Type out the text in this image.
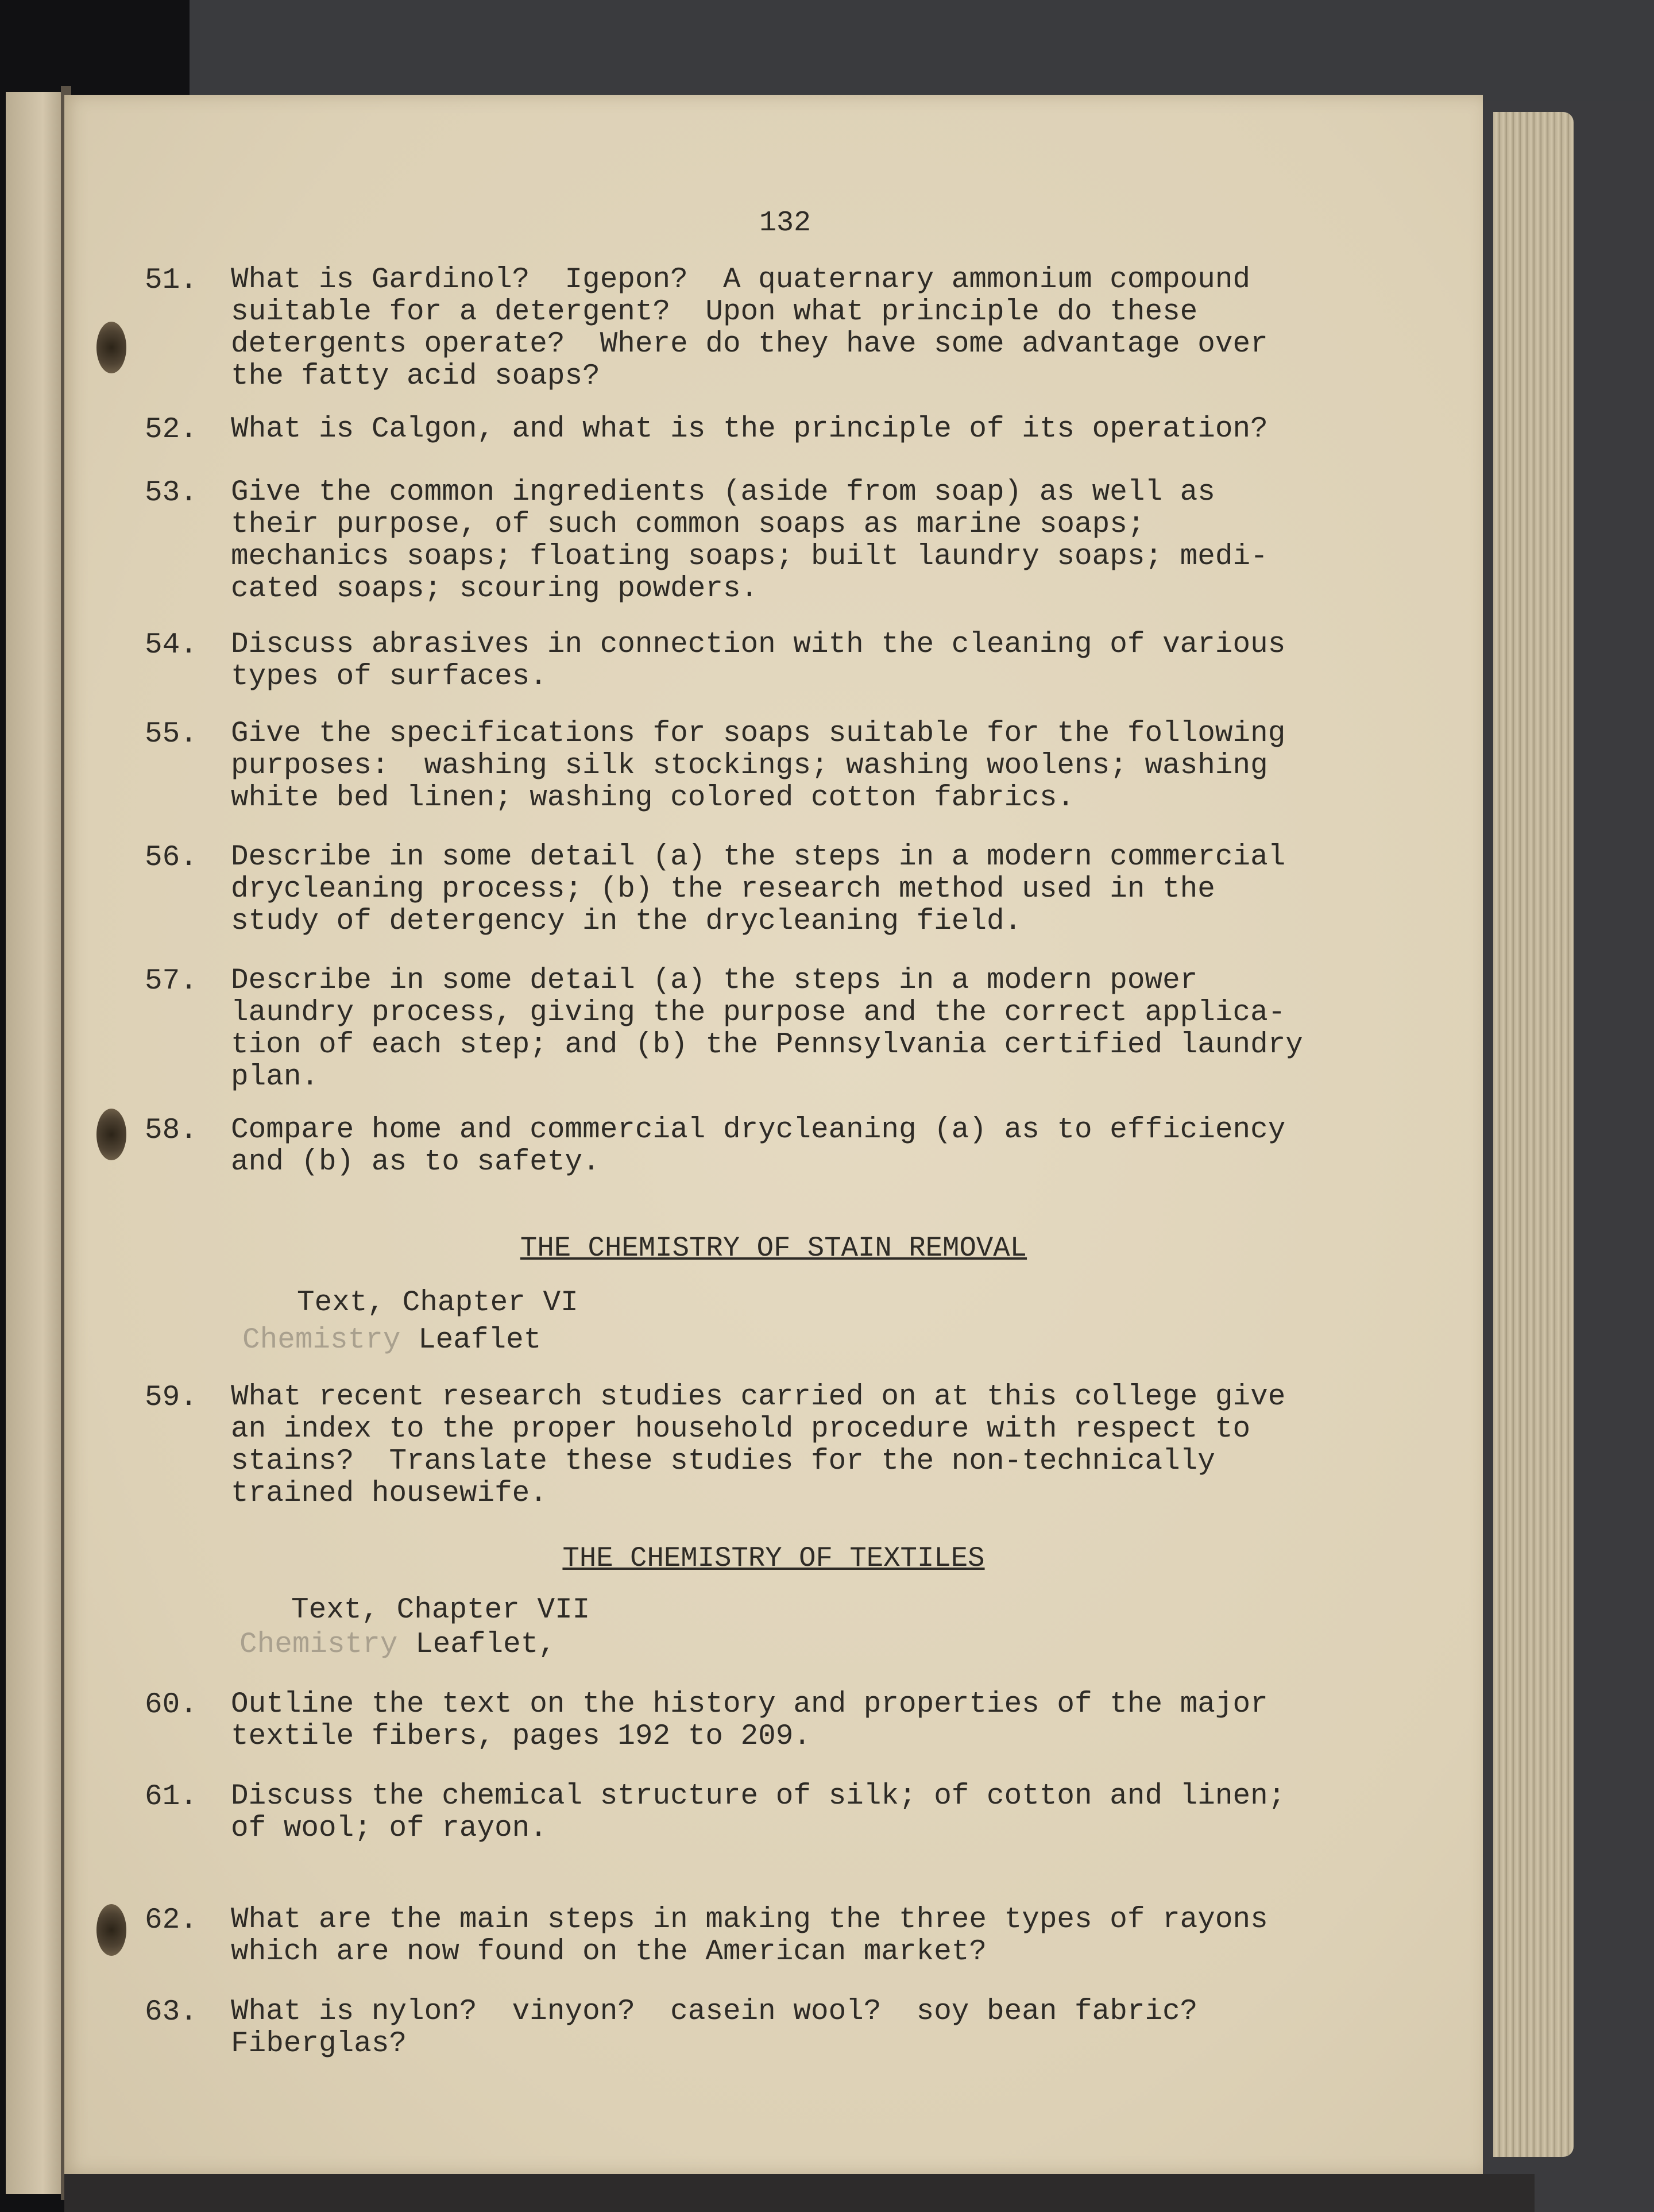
132
51. What is Gardinol?  Igepon?  A quaternary ammonium compound
suitable for a detergent?  Upon what principle do these
detergents operate?  Where do they have some advantage over
the fatty acid soaps?
52. What is Calgon, and what is the principle of its operation?
53. Give the common ingredients (aside from soap) as well as
their purpose, of such common soaps as marine soaps;
mechanics soaps; floating soaps; built laundry soaps; medi-
cated soaps; scouring powders.
54. Discuss abrasives in connection with the cleaning of various
types of surfaces.
55. Give the specifications for soaps suitable for the following
purposes:  washing silk stockings; washing woolens; washing
white bed linen; washing colored cotton fabrics.
56. Describe in some detail (a) the steps in a modern commercial
drycleaning process; (b) the research method used in the
study of detergency in the drycleaning field.
57. Describe in some detail (a) the steps in a modern power
laundry process, giving the purpose and the correct applica-
tion of each step; and (b) the Pennsylvania certified laundry
plan.
58. Compare home and commercial drycleaning (a) as to efficiency
and (b) as to safety.
THE CHEMISTRY OF STAIN REMOVAL
Text, Chapter VI
Chemistry Leaflet
59. What recent research studies carried on at this college give
an index to the proper household procedure with respect to
stains?  Translate these studies for the non-technically
trained housewife.
THE CHEMISTRY OF TEXTILES
Text, Chapter VII
Chemistry Leaflet,
60. Outline the text on the history and properties of the major
textile fibers, pages 192 to 209.
61. Discuss the chemical structure of silk; of cotton and linen;
of wool; of rayon.
62. What are the main steps in making the three types of rayons
which are now found on the American market?
63. What is nylon?  vinyon?  casein wool?  soy bean fabric?
Fiberglas?
